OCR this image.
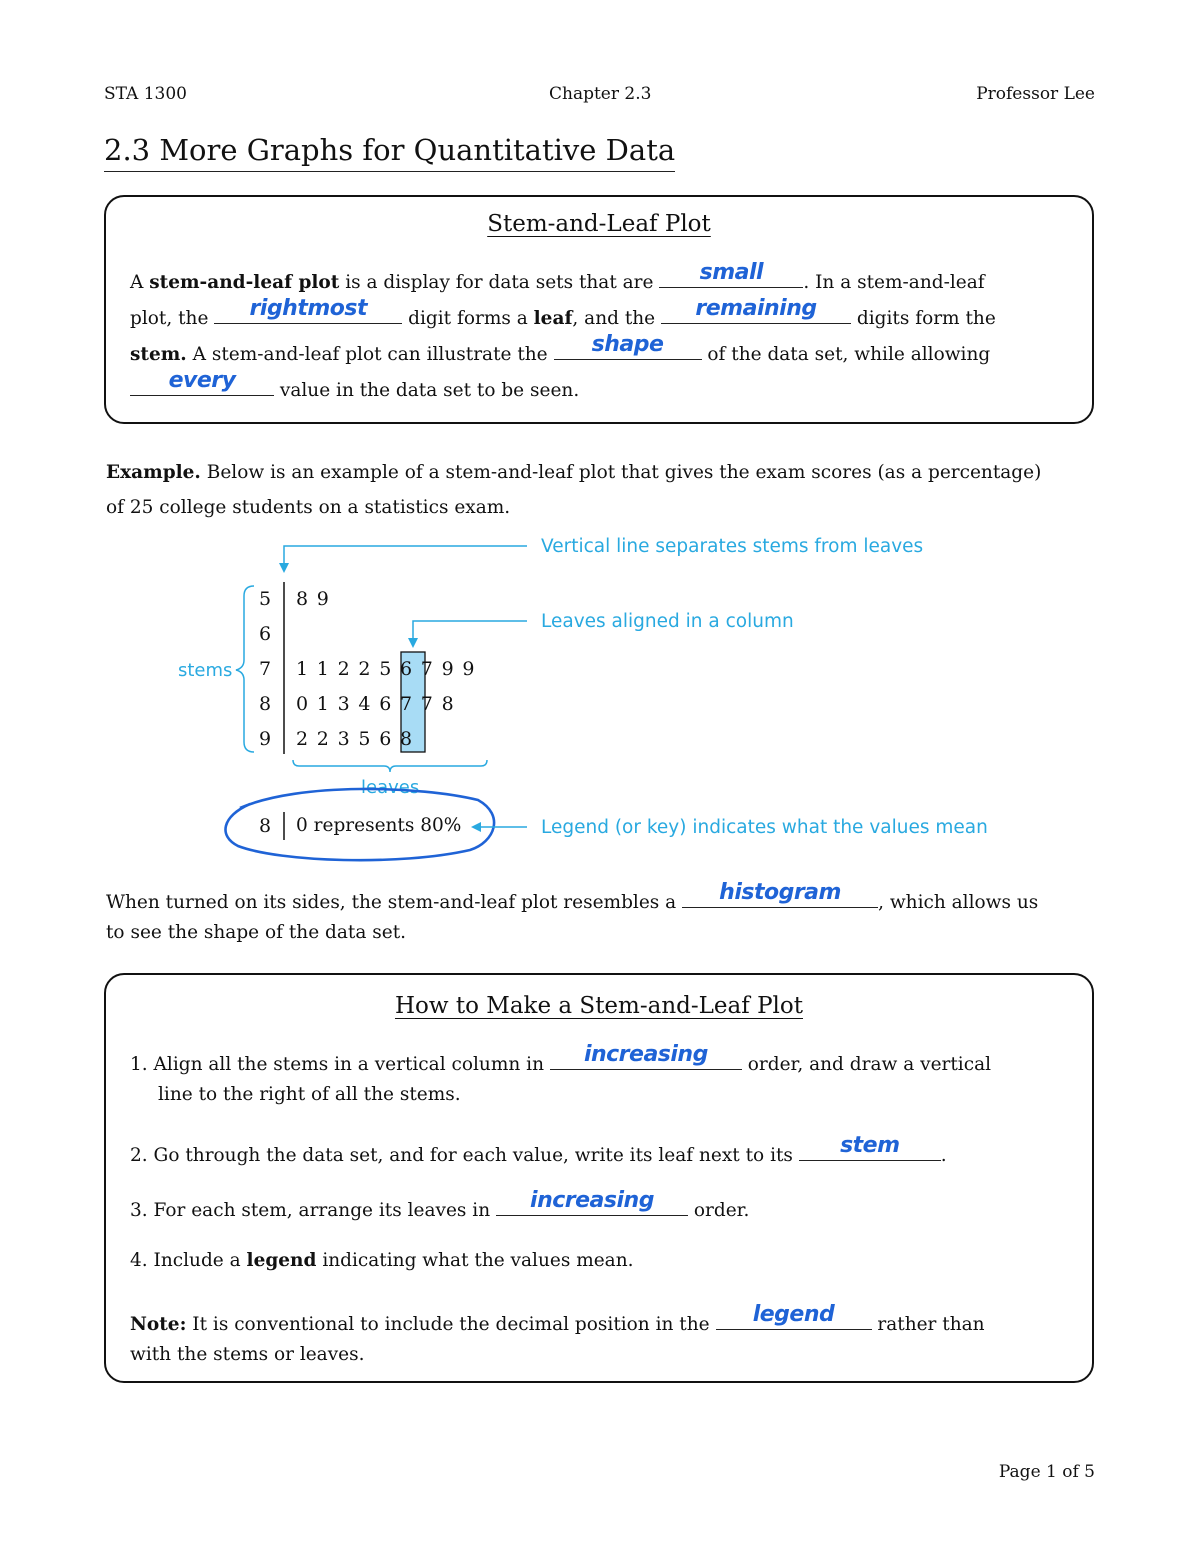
STA 1300	Chapter 2.3	Professor Lee
2.3 More Graphs for Quantitative Data
Stem-and-Leaf Plot
A stem-and-leaf plot is a display for data sets that are	small	. In a stem-and-leaf
plot, the	rightmost	digit forms a leaf, and the	remaining	digits form the
stem. A stem-and-leaf plot can illustrate the	shape	of the data set, while allowing
every	value in the data set to be seen.
Example. Below is an example of a stem-and-leaf plot that gives the exam scores (as a percentage)
of 25 college students on a statistics exam.
stems
leaves
Vertical line separates stems from leaves
Leaves aligned in a column
Legend (or key) indicates what the values mean
5 8 9
6
7 1 1 2 2 5 6 7 9 9
8 0 1 3 4 6 7 7 8
9 2 2 3 5 6 8
8 0 represents 80%
When turned on its sides, the stem-and-leaf plot resembles a	histogram	, which allows us
to see the shape of the data set.
How to Make a Stem-and-Leaf Plot
1. Align all the stems in a vertical column in	increasing	order, and draw a vertical
line to the right of all the stems.
2. Go through the data set, and for each value, write its leaf next to its	stem	.
3. For each stem, arrange its leaves in	increasing	order.
4. Include a legend indicating what the values mean.
Note: It is conventional to include the decimal position in the	legend	rather than
with the stems or leaves.
Page 1 of 5
